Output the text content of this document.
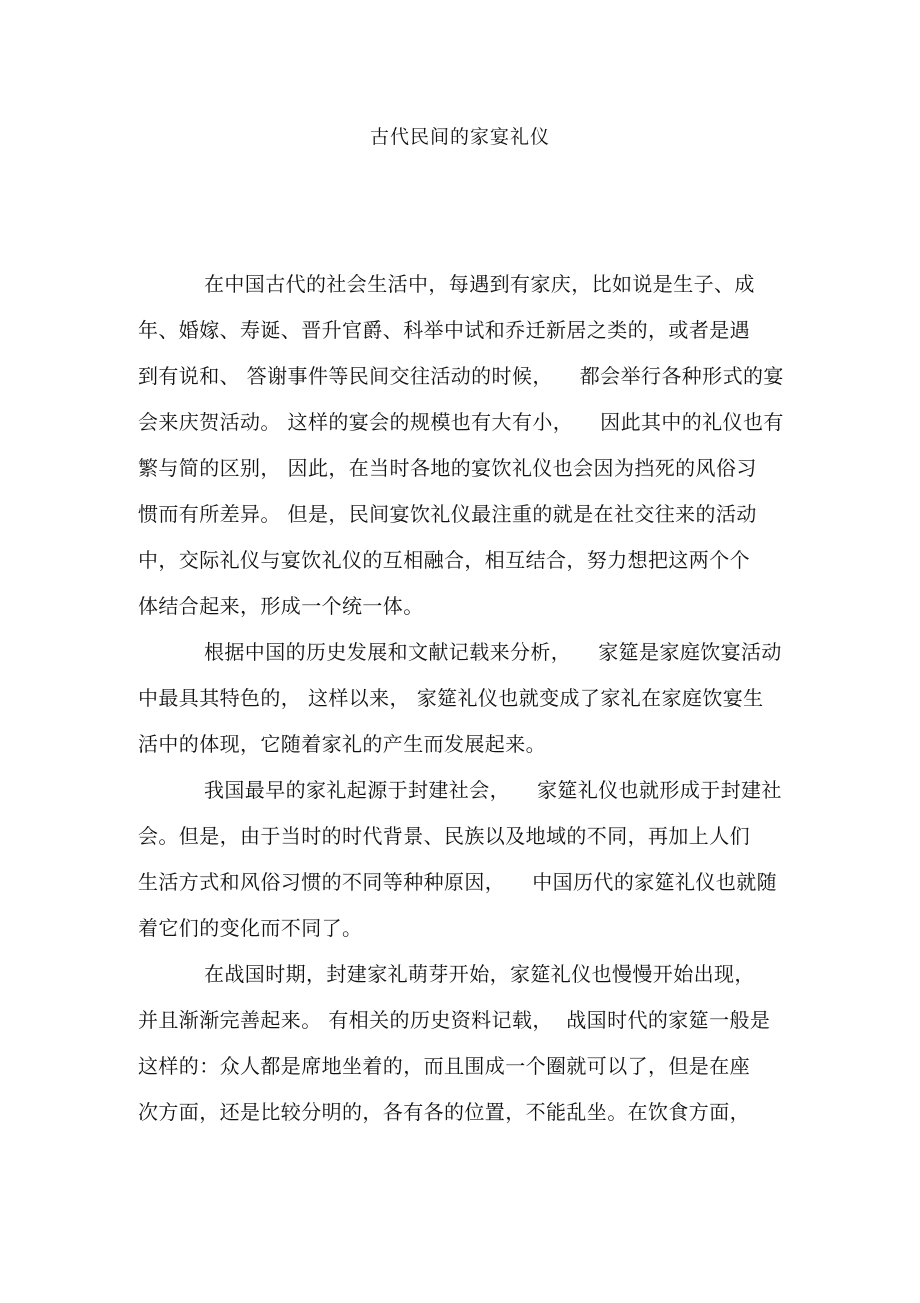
古代民间的家宴礼仪
在中国古代的社会生活中，每遇到有家庆，比如说是生子、成
年、婚嫁、寿诞、晋升官爵、科举中试和乔迁新居之类的，或者是遇
到有说和、 答谢事件等民间交往活动的时候，    都会举行各种形式的宴
会来庆贺活动。 这样的宴会的规模也有大有小，    因此其中的礼仪也有
繁与简的区别， 因此，在当时各地的宴饮礼仪也会因为挡死的风俗习
惯而有所差异。 但是，民间宴饮礼仪最注重的就是在社交往来的活动
中，交际礼仪与宴饮礼仪的互相融合，相互结合，努力想把这两个个
体结合起来，形成一个统一体。
根据中国的历史发展和文献记载来分析，    家筵是家庭饮宴活动
中最具其特色的， 这样以来， 家筵礼仪也就变成了家礼在家庭饮宴生
活中的体现，它随着家礼的产生而发展起来。
我国最早的家礼起源于封建社会，    家筵礼仪也就形成于封建社
会。但是，由于当时的时代背景、民族以及地域的不同，再加上人们
生活方式和风俗习惯的不同等种种原因，    中国历代的家筵礼仪也就随
着它们的变化而不同了。
在战国时期，封建家礼萌芽开始，家筵礼仪也慢慢开始出现，
并且渐渐完善起来。 有相关的历史资料记载，  战国时代的家筵一般是
这样的：众人都是席地坐着的，而且围成一个圈就可以了，但是在座
次方面，还是比较分明的，各有各的位置，不能乱坐。在饮食方面，
